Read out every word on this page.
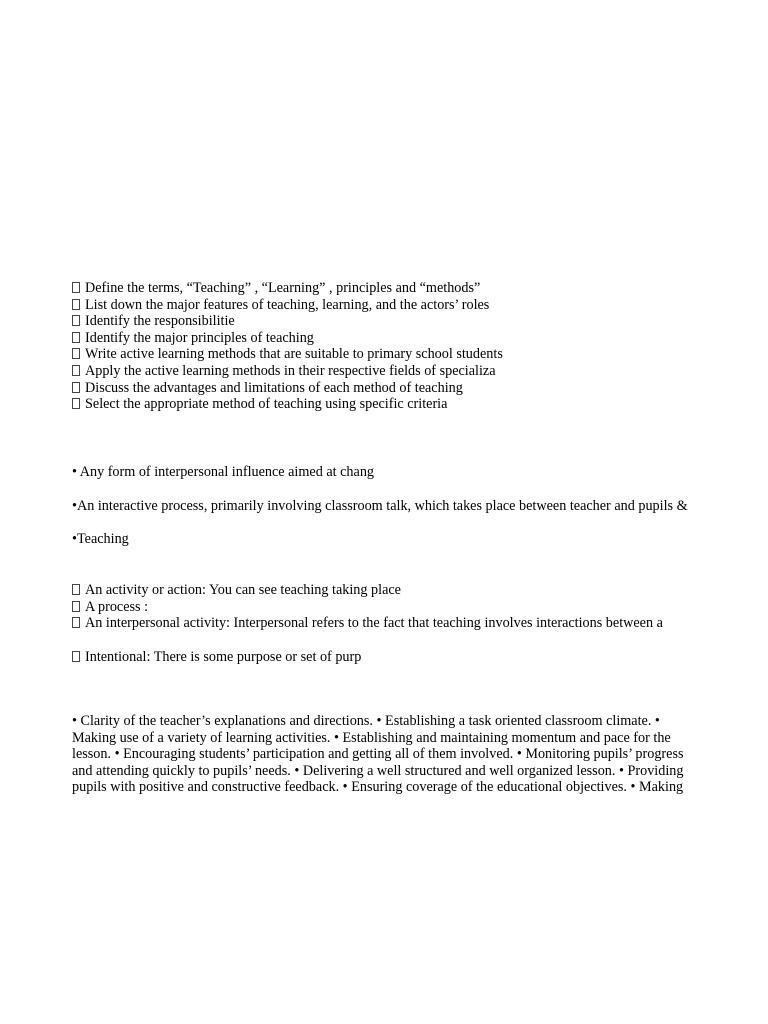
Define the terms, “Teaching” , “Learning” , principles and “methods”
List down the major features of teaching, learning, and the actors’ roles
Identify the responsibilitie
Identify the major principles of teaching
Write active learning methods that are suitable to primary school students
Apply the active learning methods in their respective fields of specializa
Discuss the advantages and limitations of each method of teaching
Select the appropriate method of teaching using specific criteria
• Any form of interpersonal influence aimed at chang
•An interactive process, primarily involving classroom talk, which takes place between teacher and pupils &
•Teaching
An activity or action: You can see teaching taking place
A process :
An interpersonal activity: Interpersonal refers to the fact that teaching involves interactions between a
Intentional: There is some purpose or set of purp
• Clarity of the teacher’s explanations and directions. • Establishing a task oriented classroom climate. •
Making use of a variety of learning activities. • Establishing and maintaining momentum and pace for the
lesson. • Encouraging students’ participation and getting all of them involved. • Monitoring pupils’ progress
and attending quickly to pupils’ needs. • Delivering a well structured and well organized lesson. • Providing
pupils with positive and constructive feedback. • Ensuring coverage of the educational objectives. • Making
